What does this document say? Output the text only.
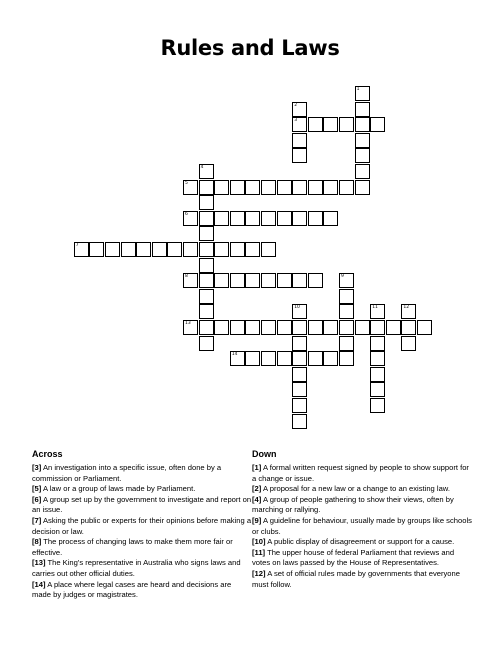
Rules and Laws
1
2
3
4
5
6
7
8	9
10	11	12
13
14
Across

[3] An investigation into a specific issue, often done by a commission or Parliament.

[5] A law or a group of laws made by Parliament.

[6] A group set up by the government to investigate and report on an issue.

[7] Asking the public or experts for their opinions before making a decision or law.

[8] The process of changing laws to make them more fair or effective.

[13] The King's representative in Australia who signs laws and carries out other official duties.

[14] A place where legal cases are heard and decisions are made by judges or magistrates.

Down

[1] A formal written request signed by people to show support for a change or issue.

[2] A proposal for a new law or a change to an existing law.

[4] A group of people gathering to show their views, often by marching or rallying.

[9] A guideline for behaviour, usually made by groups like schools or clubs.

[10] A public display of disagreement or support for a cause.

[11] The upper house of federal Parliament that reviews and votes on laws passed by the House of Representatives.

[12] A set of official rules made by governments that everyone must follow.
